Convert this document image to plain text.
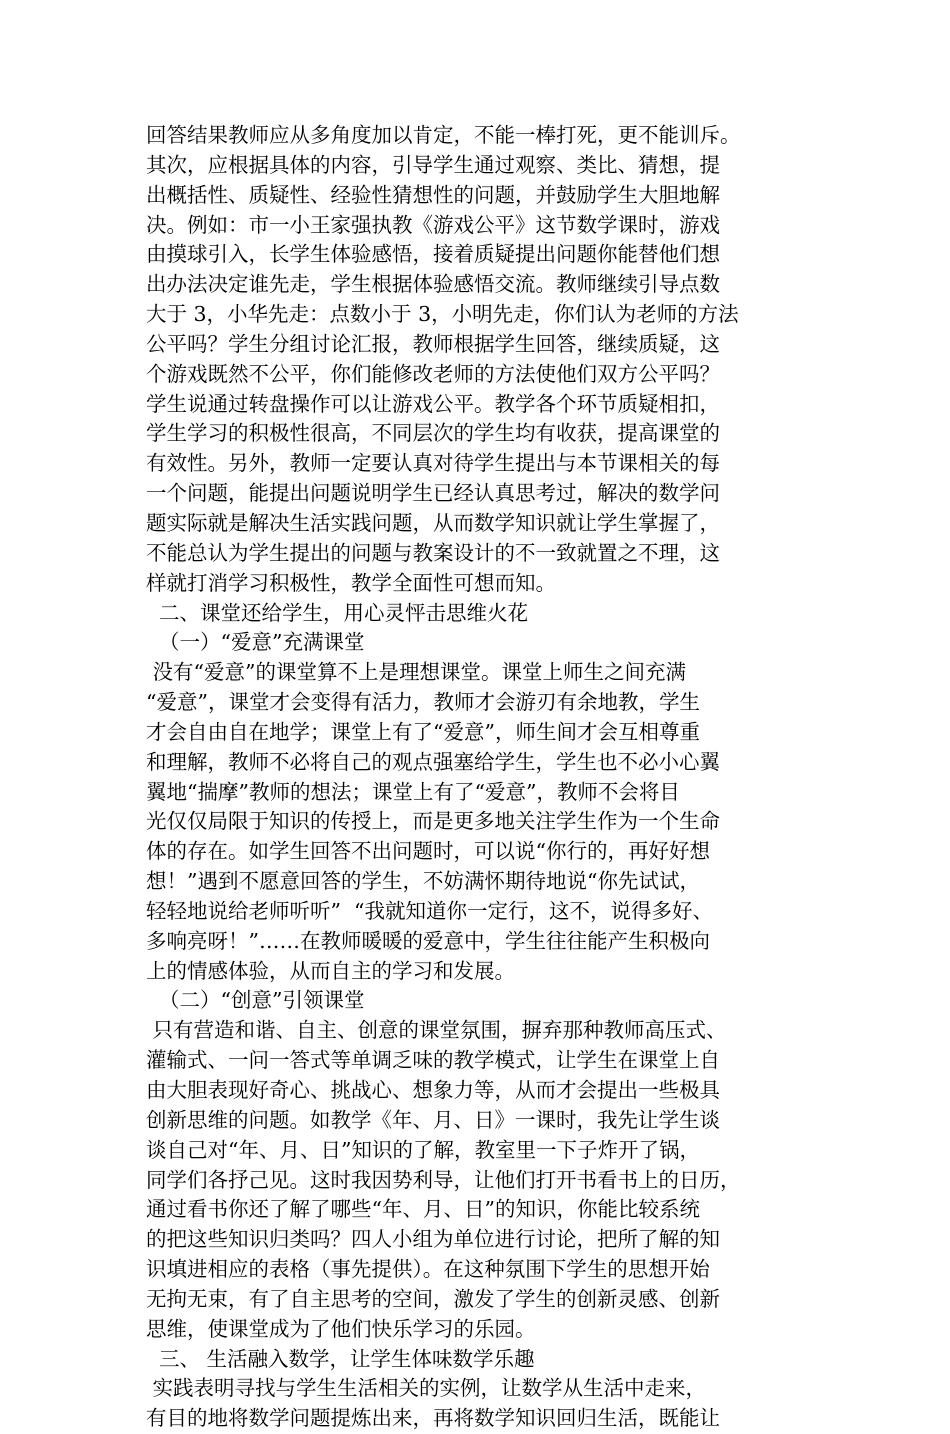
回答结果教师应从多角度加以肯定，不能一棒打死，更不能训斥。
其次，应根据具体的内容，引导学生通过观察、类比、猜想，提
出概括性、质疑性、经验性猜想性的问题，并鼓励学生大胆地解
决。例如：市一小王家强执教《游戏公平》这节数学课时，游戏
由摸球引入，长学生体验感悟，接着质疑提出问题你能替他们想
出办法决定谁先走，学生根据体验感悟交流。教师继续引导点数
大于 3，小华先走：点数小于 3，小明先走，你们认为老师的方法
公平吗？学生分组讨论汇报，教师根据学生回答，继续质疑，这
个游戏既然不公平，你们能修改老师的方法使他们双方公平吗？
学生说通过转盘操作可以让游戏公平。教学各个环节质疑相扣，
学生学习的积极性很高，不同层次的学生均有收获，提高课堂的
有效性。另外，教师一定要认真对待学生提出与本节课相关的每
一个问题，能提出问题说明学生已经认真思考过，解决的数学问
题实际就是解决生活实践问题，从而数学知识就让学生掌握了，
不能总认为学生提出的问题与教案设计的不一致就置之不理，这
样就打消学习积极性，教学全面性可想而知。
二、课堂还给学生，用心灵怦击思维火花
（一）“爱意”充满课堂
没有“爱意”的课堂算不上是理想课堂。课堂上师生之间充满
“爱意”，课堂才会变得有活力，教师才会游刃有余地教，学生
才会自由自在地学；课堂上有了“爱意”，师生间才会互相尊重
和理解，教师不必将自己的观点强塞给学生，学生也不必小心翼
翼地“揣摩”教师的想法；课堂上有了“爱意”，教师不会将目
光仅仅局限于知识的传授上，而是更多地关注学生作为一个生命
体的存在。如学生回答不出问题时，可以说“你行的，再好好想
想！”遇到不愿意回答的学生，不妨满怀期待地说“你先试试，
轻轻地说给老师听听”  “我就知道你一定行，这不，说得多好、
多响亮呀！”……在教师暖暖的爱意中，学生往往能产生积极向
上的情感体验，从而自主的学习和发展。
（二）“创意”引领课堂
只有营造和谐、自主、创意的课堂氛围，摒弃那种教师高压式、
灌输式、一问一答式等单调乏味的教学模式，让学生在课堂上自
由大胆表现好奇心、挑战心、想象力等，从而才会提出一些极具
创新思维的问题。如教学《年、月、日》一课时，我先让学生谈
谈自己对“年、月、日”知识的了解，教室里一下子炸开了锅，
同学们各抒己见。这时我因势利导，让他们打开书看书上的日历，
通过看书你还了解了哪些“年、月、日”的知识，你能比较系统
的把这些知识归类吗？四人小组为单位进行讨论，把所了解的知
识填进相应的表格（事先提供）。在这种氛围下学生的思想开始
无拘无束，有了自主思考的空间，激发了学生的创新灵感、创新
思维，使课堂成为了他们快乐学习的乐园。
三、 生活融入数学，让学生体味数学乐趣
实践表明寻找与学生生活相关的实例，让数学从生活中走来，
有目的地将数学问题提炼出来，再将数学知识回归生活，既能让
